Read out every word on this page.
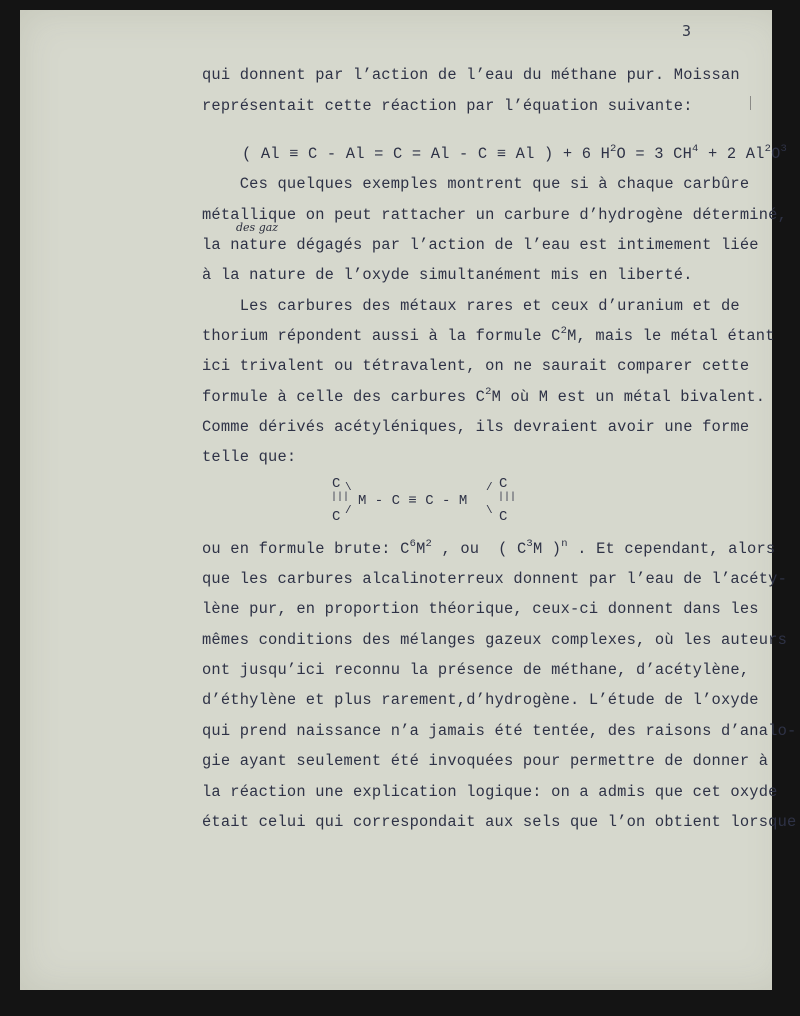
3
qui donnent par l’action de l’eau du méthane pur. Moissan
représentait cette réaction par l’équation suivante:
( Al ≡ C - Al = C = Al - C ≡ Al ) + 6 $H^2O = 3$ $CH^4 + 2$ $Al^2O^3$
Ces quelques exemples montrent que si à chaque carbûre
métallique on peut rattacher un carbure d’hydrogène déterminé,
la nature dégagés par l’action de l’eau est intimement liée
à la nature de l’oxyde simultanément mis en liberté.
Les carbures des métaux rares et ceux d’uranium et de
thorium répondent aussi à la formule $C^2M$, mais le métal étant
ici trivalent ou tétravalent, on ne saurait comparer cette
formule à celle des carbures $C^2M$ où M est un métal bivalent.
Comme dérivés acétyléniques, ils devraient avoir une forme
telle que:
ou en formule brute: $C^6M^2$ , ou  ( $C^3M$ )$^n$ . Et cependant, alors
que les carbures alcalinoterreux donnent par l’eau de l’acéty-
lène pur, en proportion théorique, ceux-ci donnent dans les
mêmes conditions des mélanges gazeux complexes, où les auteurs
ont jusqu’ici reconnu la présence de méthane, d’acétylène,
d’éthylène et plus rarement,d’hydrogène. L’étude de l’oxyde
qui prend naissance n’a jamais été tentée, des raisons d’analo-
gie ayant seulement été invoquées pour permettre de donner à
la réaction une explication logique: on a admis que cet oxyde
était celui qui correspondait aux sels que l’on obtient lorsque
des gaz
C
|||
C
\
/
M - C ≡ C - M
/
\
C
|||
C
